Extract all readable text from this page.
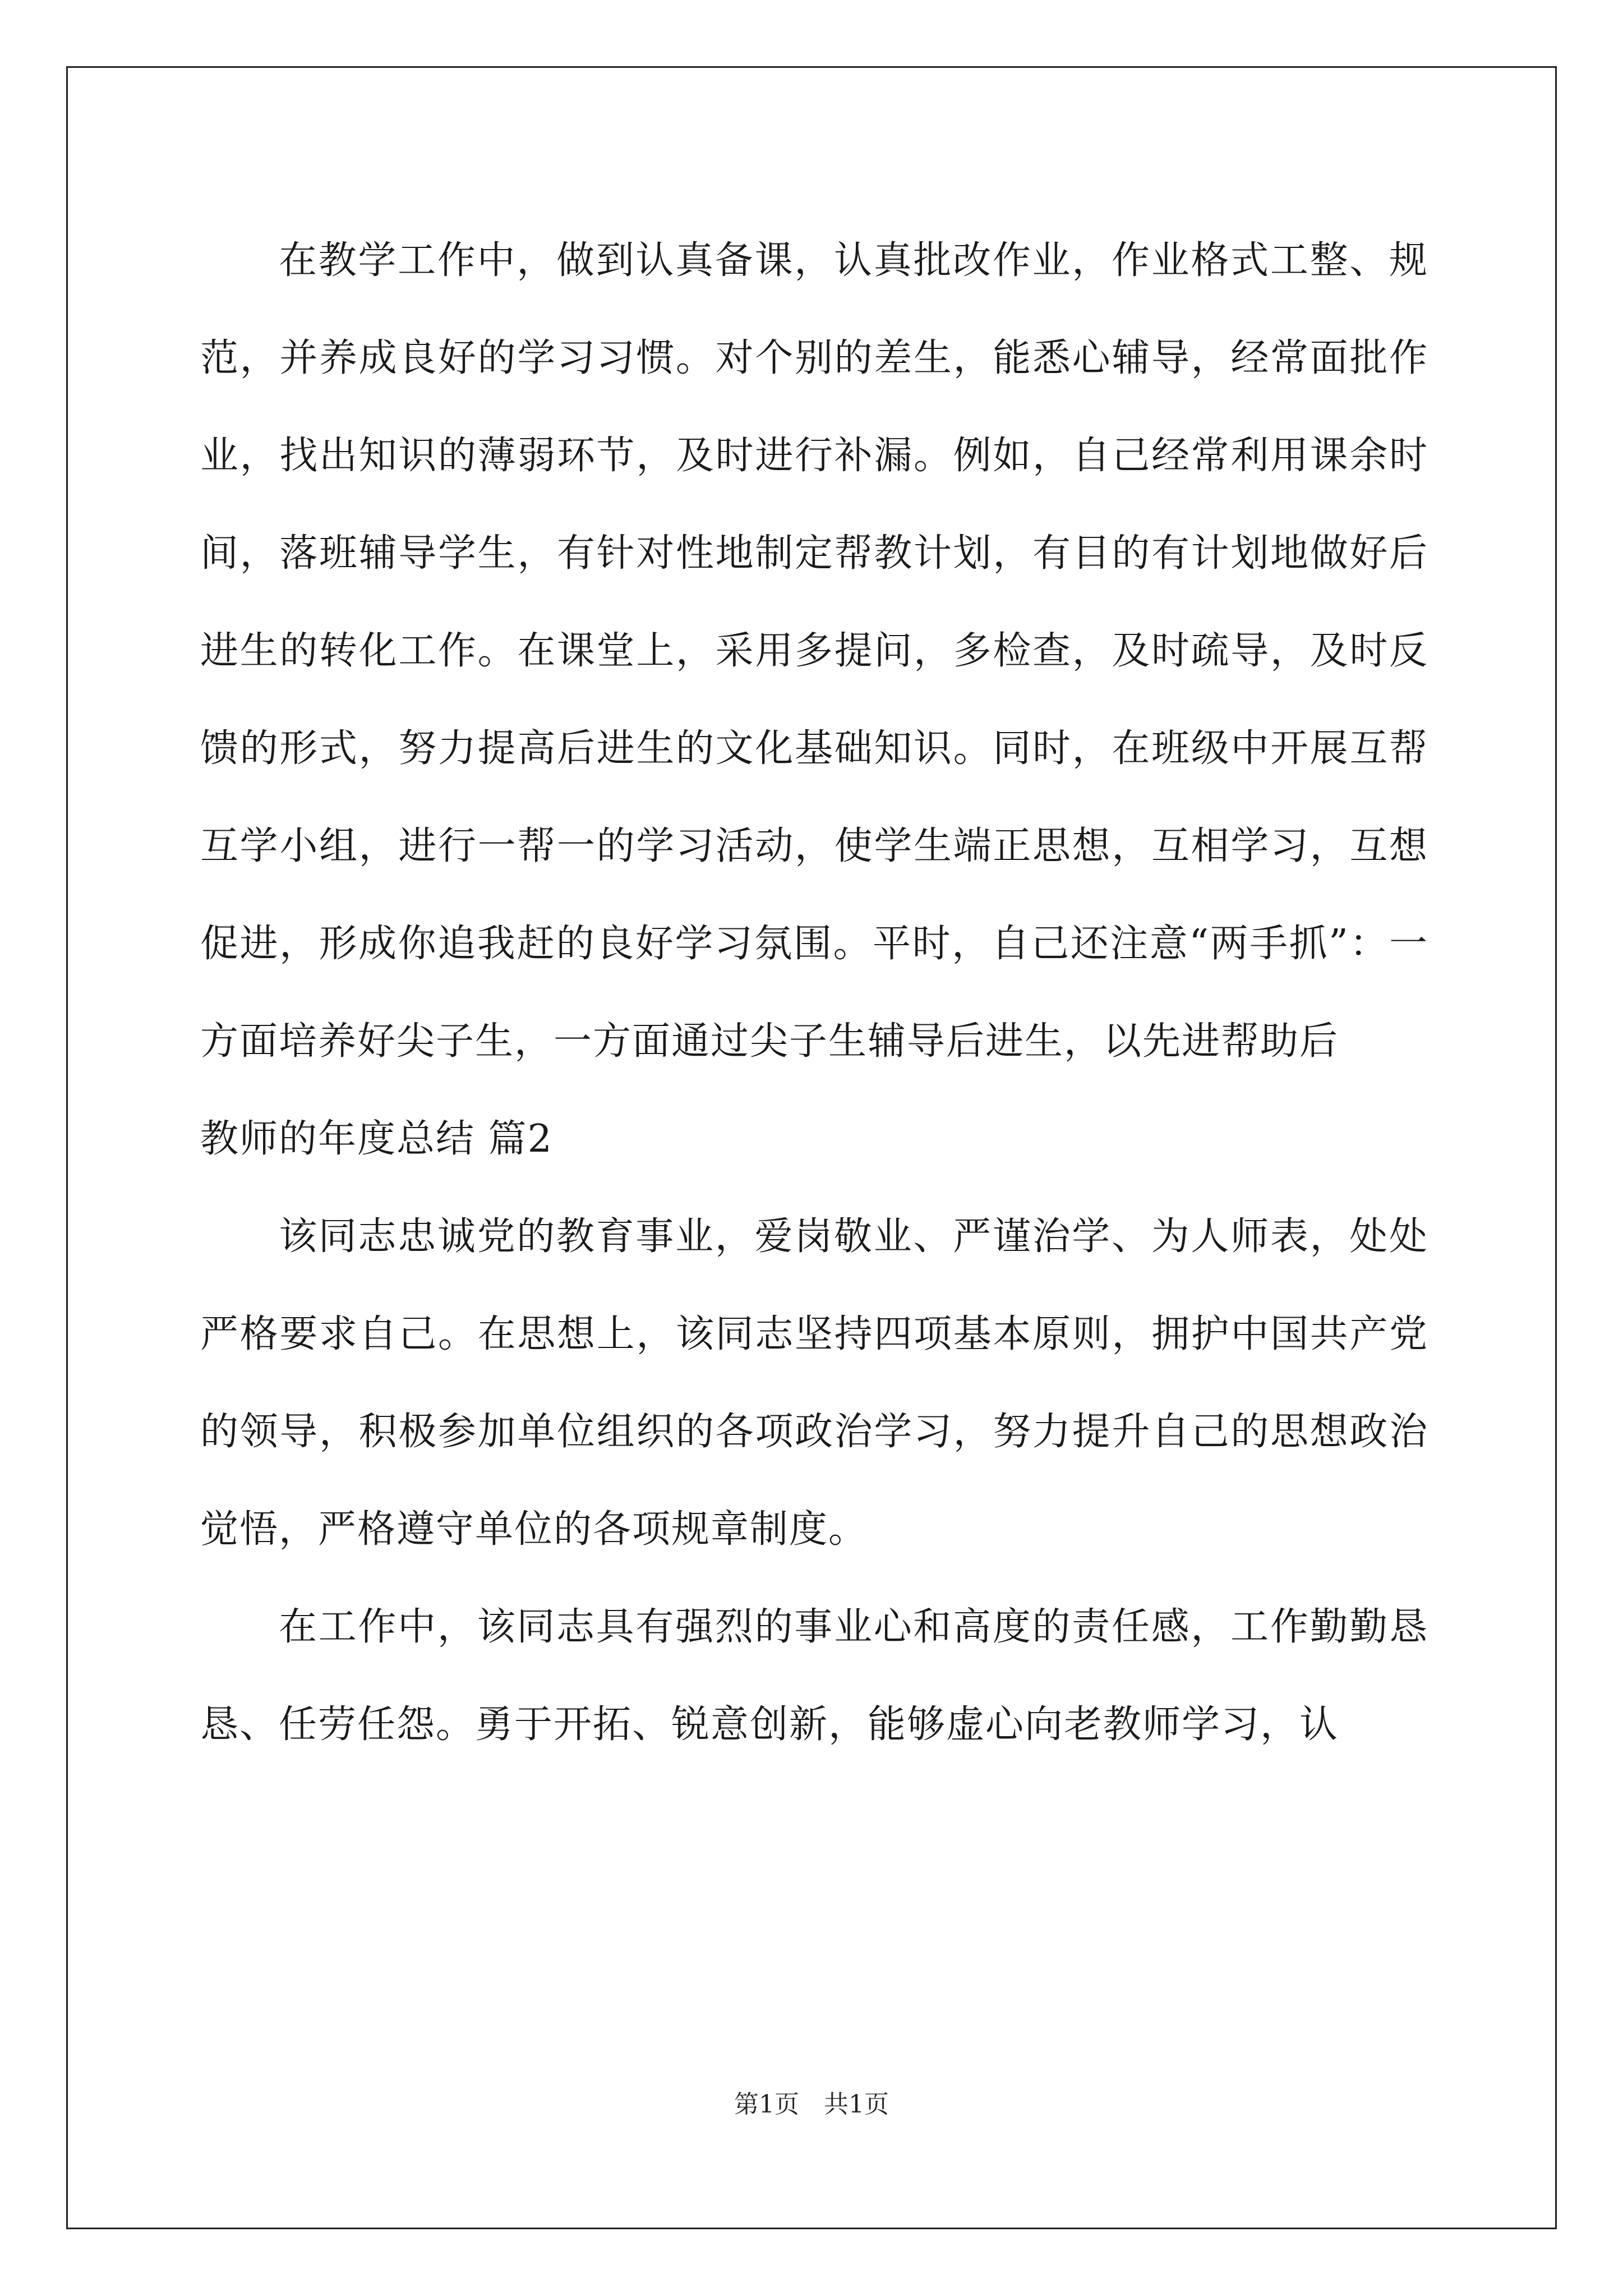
在教学工作中，做到认真备课，认真批改作业，作业格式工整、规范，并养成良好的学习习惯。对个别的差生，能悉心辅导，经常面批作业，找出知识的薄弱环节，及时进行补漏。例如，自己经常利用课余时间，落班辅导学生，有针对性地制定帮教计划，有目的有计划地做好后进生的转化工作。在课堂上，采用多提问，多检查，及时疏导，及时反馈的形式，努力提高后进生的文化基础知识。同时，在班级中开展互帮互学小组，进行一帮一的学习活动，使学生端正思想，互相学习，互想促进，形成你追我赶的良好学习氛围。平时，自己还注意“两手抓”：一方面培养好尖子生，一方面通过尖子生辅导后进生，以先进帮助后

教师的年度总结 篇2

该同志忠诚党的教育事业，爱岗敬业、严谨治学、为人师表，处处严格要求自己。在思想上，该同志坚持四项基本原则，拥护中国共产党的领导，积极参加单位组织的各项政治学习，努力提升自己的思想政治觉悟，严格遵守单位的各项规章制度。

在工作中，该同志具有强烈的事业心和高度的责任感，工作勤勤恳恳、任劳任怨。勇于开拓、锐意创新，能够虚心向老教师学习，认

第1页　共1页
